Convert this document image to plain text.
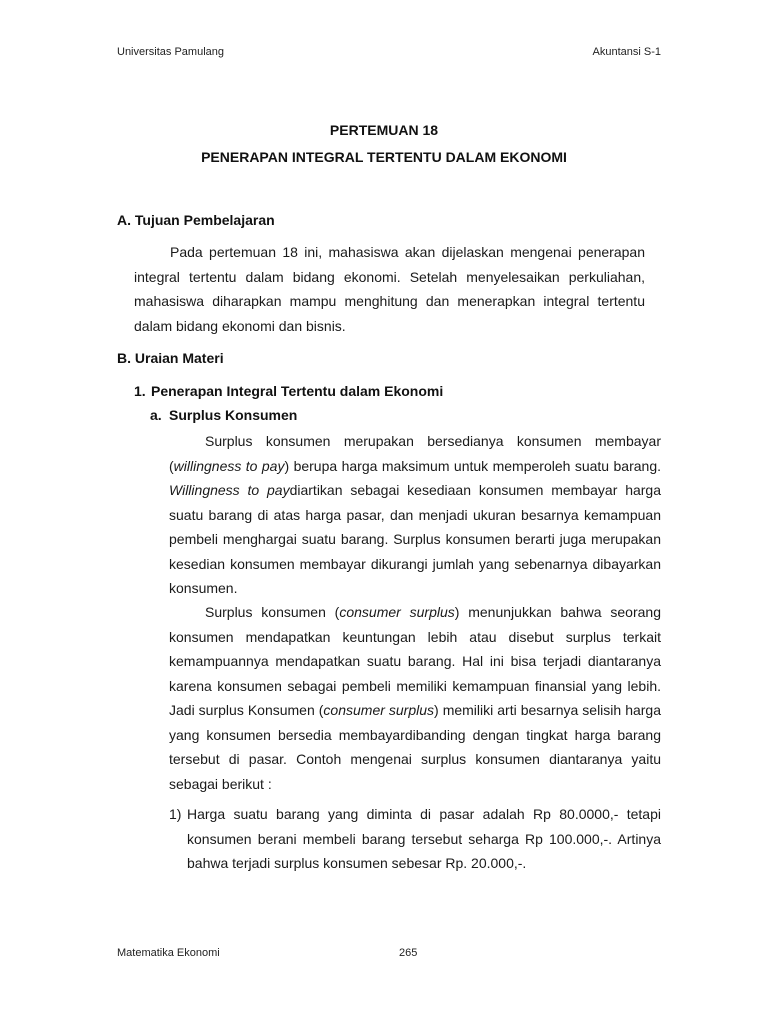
Universitas Pamulang	Akuntansi S-1
PERTEMUAN 18
PENERAPAN INTEGRAL TERTENTU DALAM EKONOMI
A. Tujuan Pembelajaran

Pada pertemuan 18 ini, mahasiswa akan dijelaskan mengenai penerapan integral tertentu dalam bidang ekonomi. Setelah menyelesaikan perkuliahan, mahasiswa diharapkan mampu menghitung dan menerapkan integral tertentu dalam bidang ekonomi dan bisnis.

B. Uraian Materi
1. Penerapan Integral Tertentu dalam Ekonomi
a. Surplus Konsumen

Surplus konsumen merupakan bersedianya konsumen membayar (willingness to pay) berupa harga maksimum untuk memperoleh suatu barang. Willingness to paydiartikan sebagai kesediaan konsumen membayar harga suatu barang di atas harga pasar, dan menjadi ukuran besarnya kemampuan pembeli menghargai suatu barang. Surplus konsumen berarti juga merupakan kesedian konsumen membayar dikurangi jumlah yang sebenarnya dibayarkan konsumen.

Surplus konsumen (consumer surplus) menunjukkan bahwa seorang konsumen mendapatkan keuntungan lebih atau disebut surplus terkait kemampuannya mendapatkan suatu barang. Hal ini bisa terjadi diantaranya karena konsumen sebagai pembeli memiliki kemampuan finansial yang lebih. Jadi surplus Konsumen (consumer surplus) memiliki arti besarnya selisih harga yang konsumen bersedia membayardibanding dengan tingkat harga barang tersebut di pasar. Contoh mengenai surplus konsumen diantaranya yaitu sebagai berikut :

1) Harga suatu barang yang diminta di pasar adalah Rp 80.0000,- tetapi konsumen berani membeli barang tersebut seharga Rp 100.000,-. Artinya bahwa terjadi surplus konsumen sebesar Rp. 20.000,-.
Matematika Ekonomi	265
